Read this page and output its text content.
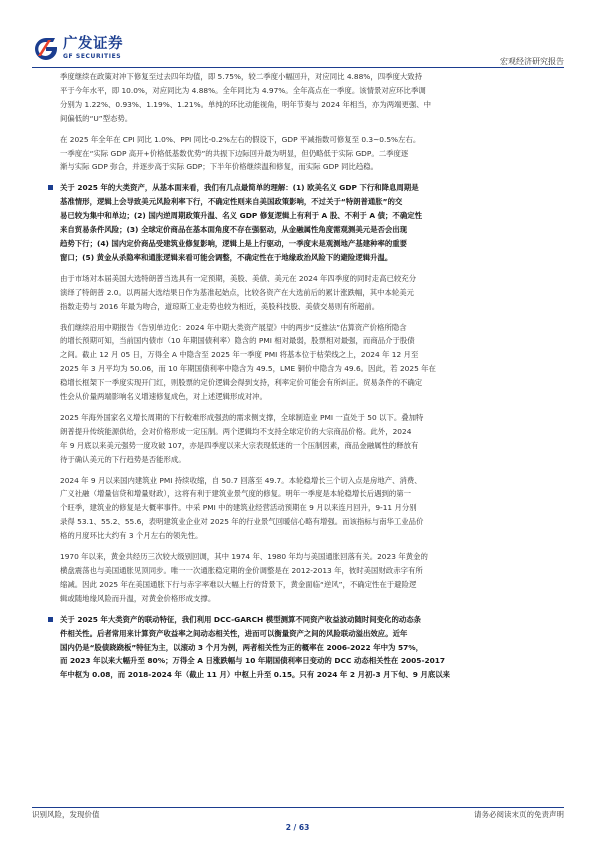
广发证券
GF SECURITIES
宏观经济研究报告

季度继续在政策对冲下修复至过去四年均值，即 5.75%，较二季度小幅回升，对应同比 4.88%，四季度大致持

平于今年水平，即 10.0%，对应同比为 4.88%。全年同比为 4.97%。全年高点在一季度。该情景对应环比季调

分别为 1.22%、0.93%、1.19%、1.21%。单纯的环比动能视角，明年节奏与 2024 年相当，亦为两端更强、中

间偏低的“U”型态势。

在 2025 年全年在 CPI 同比 1.0%、PPI 同比-0.2%左右的假设下，GDP 平减指数可修复至 0.3~0.5%左右。

一季度在“实际 GDP 高开+价格低基数优势”的共振下边际回升最为明显，但仍略低于实际 GDP。二季度逐

渐与实际 GDP 弥合，并逐步高于实际 GDP；下半年价格继续温和修复，而实际 GDP 同比趋稳。

关于 2025 年的大类资产，从基本面来看，我们有几点最简单的理解：(1) 欧美名义 GDP 下行和降息周期是

基准情形，逻辑上会导致美元风险利率下行，不确定性则来自美国政策影响，不过关于“特朗普通胀”的交

易已较为集中和单边；(2) 国内逆周期政策升温、名义 GDP 修复逻辑上有利于 A 股、不利于 A 债；不确定性

来自贸易条件风险；(3) 全球定价商品在基本面角度不存在强驱动，从金融属性角度需观测美元是否会出现

趋势下行；(4) 国内定价商品受建筑业修复影响，逻辑上是上行驱动，一季度末是观测地产基建种率的重要

窗口；(5) 黄金从杀隐率和通胀逻辑来看可能会调整，不确定性在于地缘政治风险下的避险逻辑升温。

由于市场对本届美国大选特朗普当选具有一定预期，美股、美债、美元在 2024 年四季度的同时走高已较充分

演绎了特朗普 2.0。以两届大选结果日作为基准起始点，比较各资产在大选前后的累计涨跌幅，其中本轮美元

指数走势与 2016 年最为吻合，道琼斯工业走势也较为相近，美股科技股、美债交易则有所超前。

我们继续沿用中期报告《告别单边化：2024 年中期大类资产展望》中的两步“反推法”估算资产价格所隐含

的增长预期可知，当前国内债市（10 年期国债利率）隐含的 PMI 相对最弱，股票相对最强，而商品介于股债

之间。截止 12 月 05 日，万得全 A 中隐含至 2025 年一季度 PMI 将基本位于枯荣线之上，2024 年 12 月至

2025 年 3 月平均为 50.06，而 10 年期国债利率中隐含为 49.5，LME 铜价中隐含为 49.6。因此，若 2025 年在

稳增长框架下一季度实现开门红，则股票的定价逻辑会得到支持，利率定价可能会有所纠正。贸易条件的不确定

性会从价量两端影响名义增速修复成色，对上述逻辑形成对冲。

2025 年海外国家名义增长周期的下行較难形成强劲的需求侧支撑，全球制造业 PMI 一直处于 50 以下。叠加特

朗普提升传统能源供给，会对价格形成一定压制。两个逻辑均不支持全球定价的大宗商品价格。此外，2024

年 9 月底以来美元强势一度攻破 107，亦是四季度以来大宗表现低迷的一个压制因素，商品金融属性的释放有

待于确认美元的下行趋势是否能形成。

2024 年 9 月以来国内建筑业 PMI 持续收缩，自 50.7 回落至 49.7。本轮稳增长三个切入点是房地产、消费、

广义社融（增量信贷和增量财政），这将有利于建筑业景气度的修复。明年一季度是本轮稳增长后遇到的第一

个旺季，建筑业的修复是大概率事件。中采 PMI 中的建筑业经营活动预期在 9 月以来连月回升，9-11 月分别

录得 53.1、55.2、55.6，表明建筑业企业对 2025 年的行业景气回暖信心略有增强。而该指标与南华工业品价

格的月度环比大约有 3 个月左右的领先性。

1970 年以来，黄金共经历三次较大级别回调，其中 1974 年、1980 年均与美国通胀回落有关。2023 年黄金的

横盘震荡也与美国通胀见顶同步。唯一一次通胀稳定期的金价调整是在 2012-2013 年，彼时美国财政赤字有所

缩减。因此 2025 年在美国通胀下行与赤字率难以大幅上行的背景下，黄金面临“逆风”，不确定性在于避险逻

辑或随地缘风险而升温，对黄金价格形成支撑。

关于 2025 年大类资产的联动特征，我们利用 DCC-GARCH 模型测算不同资产收益波动随时间变化的动态条

件相关性。后者常用来计算资产收益率之间动态相关性，进而可以衡量资产之间的风险联动溢出效应。近年

国内仍是“股债跷跷板”特征为主，以滚动 3 个月为例，两者相关性为正的概率在 2006-2022 年中为 57%，

而 2023 年以来大幅升至 80%；万得全 A 日涨跌幅与 10 年期国债利率日变动的 DCC 动态相关性在 2005-2017

年中枢为 0.08，而 2018-2024 年（截止 11 月）中枢上升至 0.15。只有 2024 年 2 月初-3 月下旬、9 月底以来

识别风险，发现价值	请务必阅读末页的免责声明
2 / 63
